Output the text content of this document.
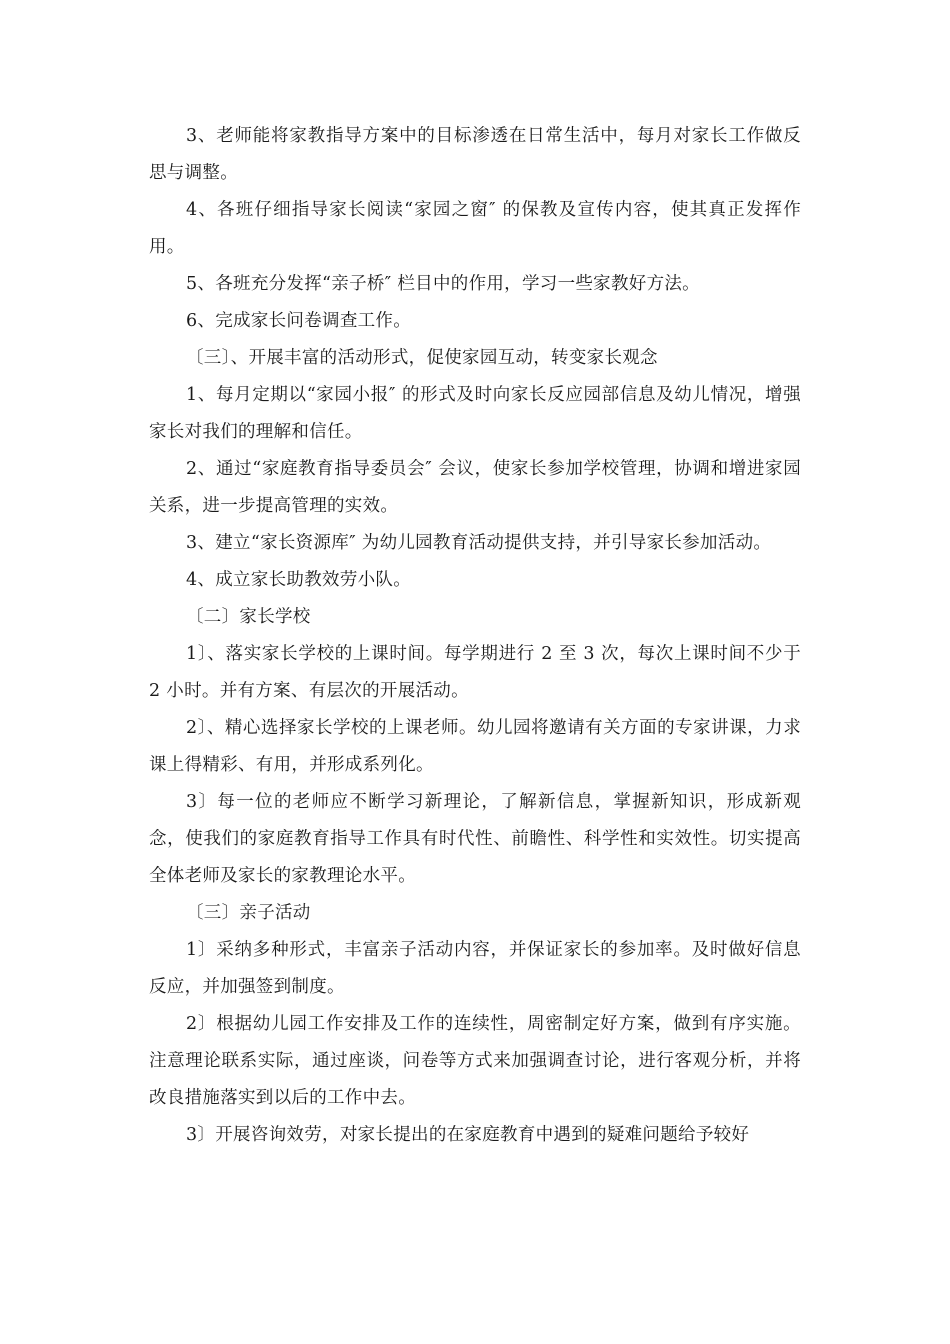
3、老师能将家教指导方案中的目标渗透在日常生活中，每月对家长工作做反思与调整。

4、各班仔细指导家长阅读“家园之窗″ 的保教及宣传内容，使其真正发挥作用。

5、各班充分发挥“亲子桥″ 栏目中的作用，学习一些家教好方法。

6、完成家长问卷调查工作。

〔三〕、开展丰富的活动形式，促使家园互动，转变家长观念

1、每月定期以“家园小报″ 的形式及时向家长反应园部信息及幼儿情况，增强家长对我们的理解和信任。

2、通过“家庭教育指导委员会″ 会议，使家长参加学校管理，协调和增进家园关系，进一步提高管理的实效。

3、建立“家长资源库″ 为幼儿园教育活动提供支持，并引导家长参加活动。

4、成立家长助教效劳小队。

〔二〕家长学校

1〕、落实家长学校的上课时间。每学期进行 2 至 3 次，每次上课时间不少于 2 小时。并有方案、有层次的开展活动。

2〕、精心选择家长学校的上课老师。幼儿园将邀请有关方面的专家讲课，力求课上得精彩、有用，并形成系列化。

3〕每一位的老师应不断学习新理论，了解新信息，掌握新知识，形成新观念，使我们的家庭教育指导工作具有时代性、前瞻性、科学性和实效性。切实提高全体老师及家长的家教理论水平。

〔三〕亲子活动

1〕采纳多种形式，丰富亲子活动内容，并保证家长的参加率。及时做好信息反应，并加强签到制度。

2〕根据幼儿园工作安排及工作的连续性，周密制定好方案，做到有序实施。注意理论联系实际，通过座谈，问卷等方式来加强调查讨论，进行客观分析，并将改良措施落实到以后的工作中去。

3〕开展咨询效劳，对家长提出的在家庭教育中遇到的疑难问题给予较好
